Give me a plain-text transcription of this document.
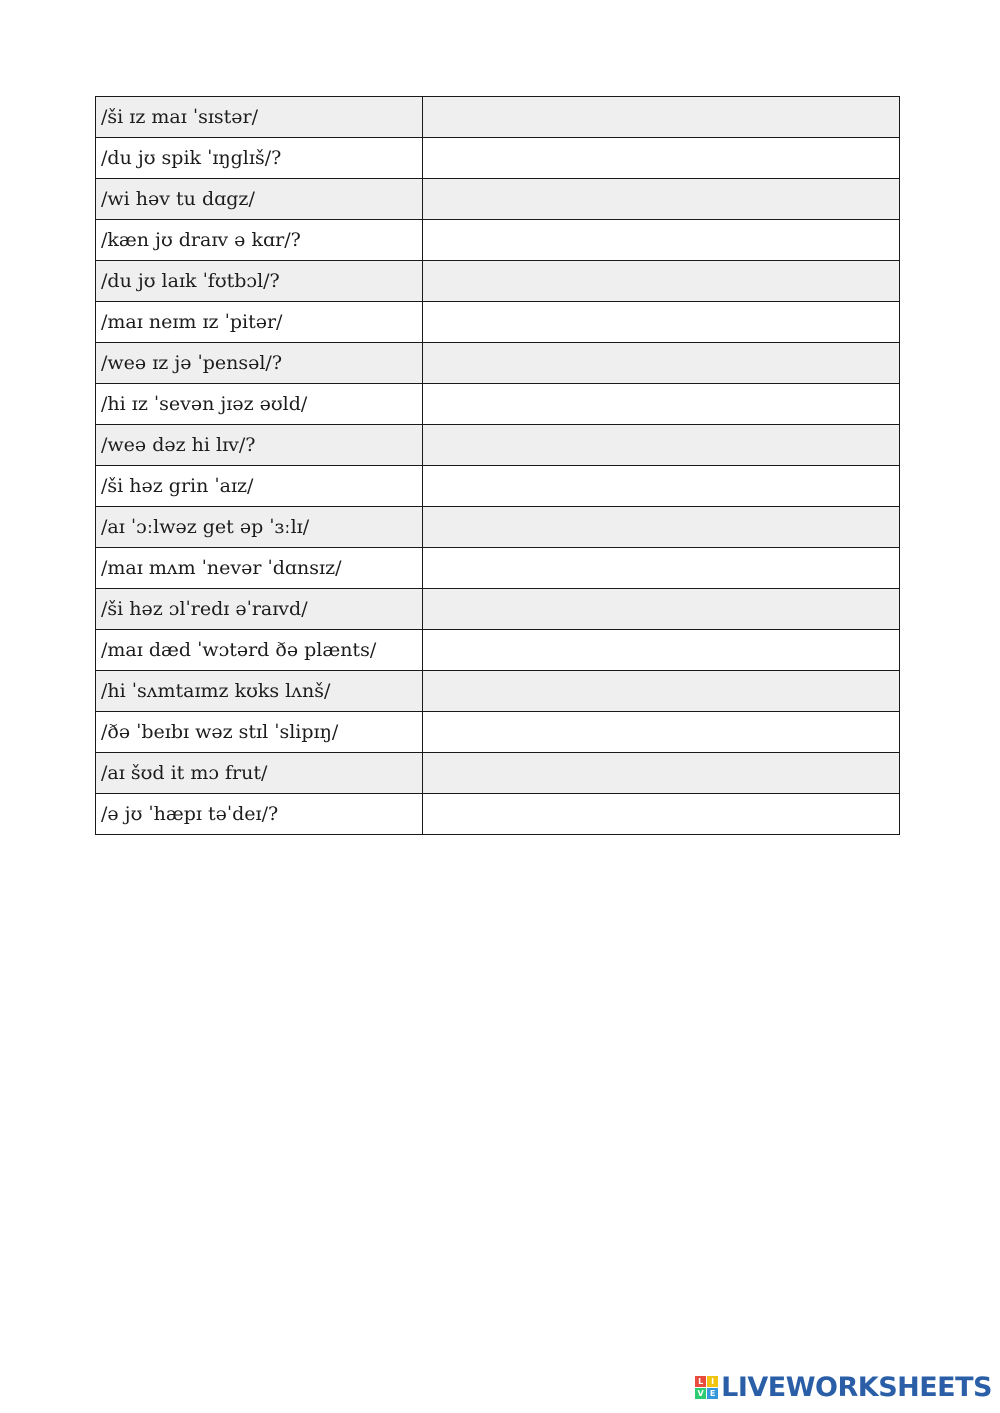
/ši ɪz maɪ ˈsɪstər/

/du jʊ spik ˈɪŋglɪš/?

/wi həv tu dɑgz/

/kæn jʊ draɪv ə kɑr/?

/du jʊ laɪk ˈfʊtbɔl/?

/maɪ neɪm ɪz ˈpitər/

/weə ɪz jə ˈpensəl/?

/hi ɪz ˈsevən jɪəz əʊld/

/weə dəz hi lɪv/?

/ši həz grin ˈaɪz/

/aɪ ˈɔːlwəz get əp ˈɜːlɪ/

/maɪ mʌm ˈnevər ˈdɑnsɪz/

/ši həz ɔlˈredɪ əˈraɪvd/

/maɪ dæd ˈwɔtərd ðə plænts/

/hi ˈsʌmtaɪmz kʊks lʌnš/

/ðə ˈbeɪbɪ wəz stɪl ˈslipɪŋ/

/aɪ šʊd it mɔ frut/

/ə jʊ ˈhæpɪ təˈdeɪ/?

L I
V E LIVEWORKSHEETS
